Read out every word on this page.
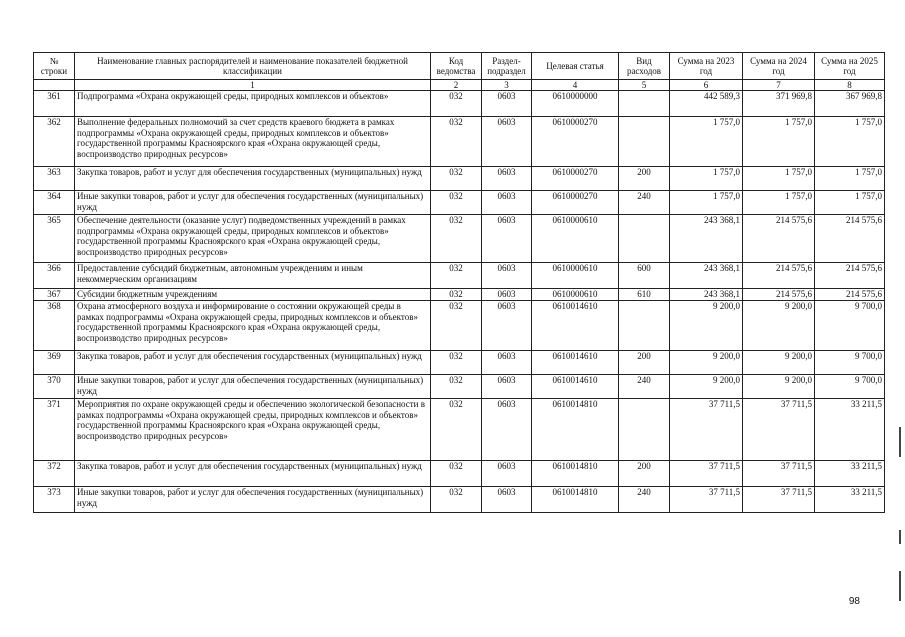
№ строки	Наименование главных распорядителей и наименование показателей бюджетной классификации	Код ведомства	Раздел-подраздел	Целевая статья	Вид расходов	Сумма на 2023 год	Сумма на 2024 год	Сумма на 2025 год
	1	2	3	4	5	6	7	8
361	Подпрограмма «Охрана окружающей среды, природных комплексов и объектов»	032	0603	0610000000		442 589,3	371 969,8	367 969,8
362	Выполнение федеральных полномочий за счет средств краевого бюджета в рамках подпрограммы «Охрана окружающей среды, природных комплексов и объектов» государственной программы Красноярского края «Охрана окружающей среды, воспроизводство природных ресурсов»	032	0603	0610000270		1 757,0	1 757,0	1 757,0
363	Закупка товаров, работ и услуг для обеспечения государственных (муниципальных) нужд	032	0603	0610000270	200	1 757,0	1 757,0	1 757,0
364	Иные закупки товаров, работ и услуг для обеспечения государственных (муниципальных) нужд	032	0603	0610000270	240	1 757,0	1 757,0	1 757,0
365	Обеспечение деятельности (оказание услуг) подведомственных учреждений в рамках подпрограммы «Охрана окружающей среды, природных комплексов и объектов» государственной программы Красноярского края «Охрана окружающей среды, воспроизводство природных ресурсов»	032	0603	0610000610		243 368,1	214 575,6	214 575,6
366	Предоставление субсидий бюджетным, автономным учреждениям и иным некоммерческим организациям	032	0603	0610000610	600	243 368,1	214 575,6	214 575,6
367	Субсидии бюджетным учреждениям	032	0603	0610000610	610	243 368,1	214 575,6	214 575,6
368	Охрана атмосферного воздуха и информирование о состоянии окружающей среды в рамках подпрограммы «Охрана окружающей среды, природных комплексов и объектов» государственной программы Красноярского края «Охрана окружающей среды, воспроизводство природных ресурсов»	032	0603	0610014610		9 200,0	9 200,0	9 700,0
369	Закупка товаров, работ и услуг для обеспечения государственных (муниципальных) нужд	032	0603	0610014610	200	9 200,0	9 200,0	9 700,0
370	Иные закупки товаров, работ и услуг для обеспечения государственных (муниципальных) нужд	032	0603	0610014610	240	9 200,0	9 200,0	9 700,0
371	Мероприятия по охране окружающей среды и обеспечению экологической безопасности в рамках подпрограммы «Охрана окружающей среды, природных комплексов и объектов» государственной программы Красноярского края «Охрана окружающей среды, воспроизводство природных ресурсов»	032	0603	0610014810		37 711,5	37 711,5	33 211,5
372	Закупка товаров, работ и услуг для обеспечения государственных (муниципальных) нужд	032	0603	0610014810	200	37 711,5	37 711,5	33 211,5
373	Иные закупки товаров, работ и услуг для обеспечения государственных (муниципальных) нужд	032	0603	0610014810	240	37 711,5	37 711,5	33 211,5
98
